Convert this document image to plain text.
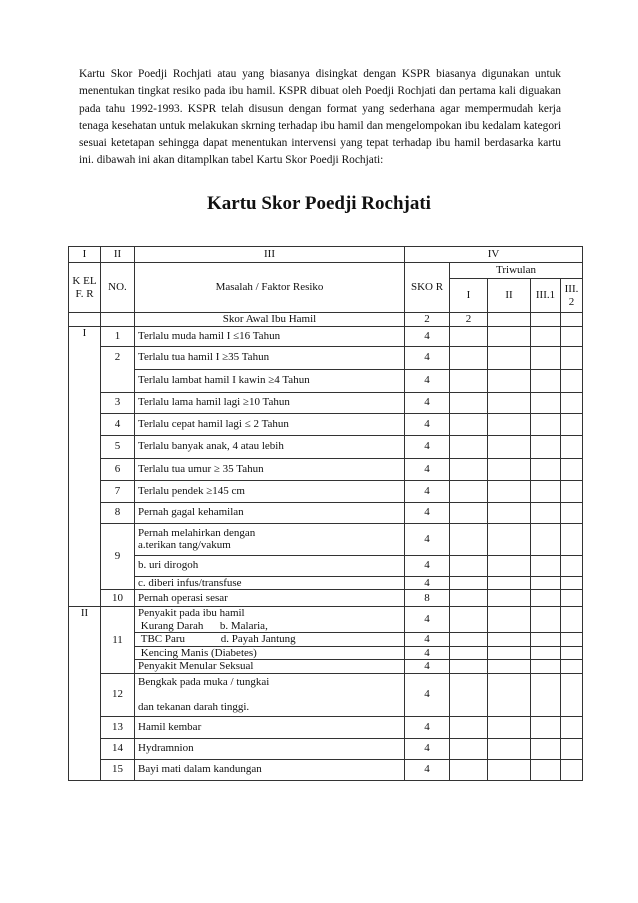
Kartu Skor Poedji Rochjati atau yang biasanya disingkat dengan KSPR biasanya digunakan untuk menentukan tingkat resiko pada ibu hamil. KSPR dibuat oleh Poedji Rochjati dan pertama kali diguakan pada tahu 1992-1993. KSPR telah disusun dengan format yang sederhana agar mempermudah kerja tenaga kesehatan untuk melakukan skrning terhadap ibu hamil dan mengelompokan ibu kedalam kategori sesuai ketetapan sehingga dapat menentukan intervensi yang tepat terhadap ibu hamil berdasarka kartu ini. dibawah ini akan ditamplkan tabel Kartu Skor Poedji Rochjati:

Kartu Skor Poedji Rochjati
I	II	III	IV				
K EL F. R	NO.	Masalah / Faktor Resiko	SKO R	Triwulan			
				I	II	III.1	III. 2
		Skor Awal Ibu Hamil	2	2			
I	1	Terlalu muda hamil I ≤16 Tahun	4				
	2	Terlalu tua hamil I ≥35 Tahun	4				
		Terlalu lambat hamil I kawin ≥4 Tahun	4				
	3	Terlalu lama hamil lagi ≥10 Tahun	4				
	4	Terlalu cepat hamil lagi ≤ 2 Tahun	4				
	5	Terlalu banyak anak, 4 atau lebih	4				
	6	Terlalu tua umur ≥ 35 Tahun	4				
	7	Terlalu pendek ≥145 cm	4				
	8	Pernah gagal kehamilan	4				
	9	Pernah melahirkan dengan
a.terikan tang/vakum	4				
		b. uri dirogoh	4				
		c. diberi infus/transfuse	4				
	10	Pernah operasi sesar	8				
II	11	Penyakit pada ibu hamil
Kurang Darah      b. Malaria,	4				
		TBC Paru             d. Payah Jantung	4				
		Kencing Manis (Diabetes)	4				
		Penyakit Menular Seksual	4				
	12	Bengkak pada muka / tungkai

dan tekanan darah tinggi.	4				
	13	Hamil kembar	4				
	14	Hydramnion	4				
	15	Bayi mati dalam kandungan	4				
